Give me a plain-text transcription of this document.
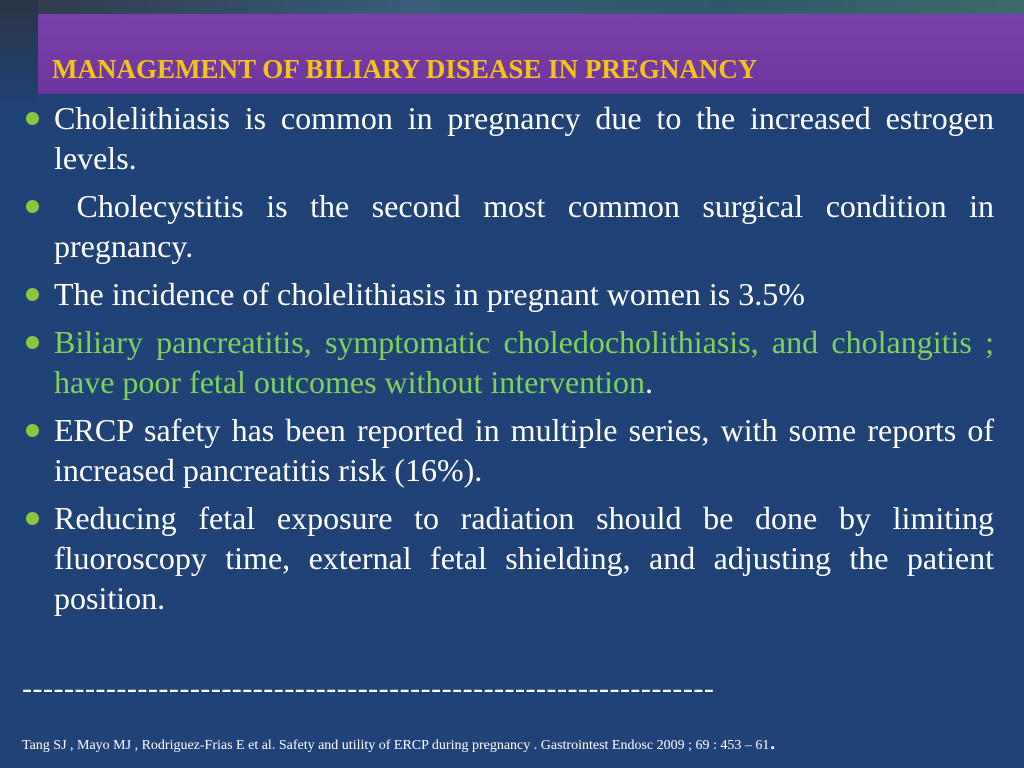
MANAGEMENT OF BILIARY DISEASE IN PREGNANCY
Cholelithiasis is common in pregnancy due to the increased estrogen levels.
Cholecystitis is the second most common surgical condition in pregnancy.
The incidence of cholelithiasis in pregnant women is 3.5%
Biliary pancreatitis, symptomatic choledocholithiasis, and cholangitis ; have poor fetal outcomes without intervention.
ERCP safety has been reported in multiple series, with some reports of increased pancreatitis risk (16%).
Reducing fetal exposure to radiation should be done by limiting fluoroscopy time, external fetal shielding, and adjusting the patient position.
------------------------------------------------------------------
Tang SJ , Mayo MJ , Rodriguez-Frias E et al. Safety and utility of ERCP during pregnancy . Gastrointest Endosc 2009 ; 69 : 453 – 61.
